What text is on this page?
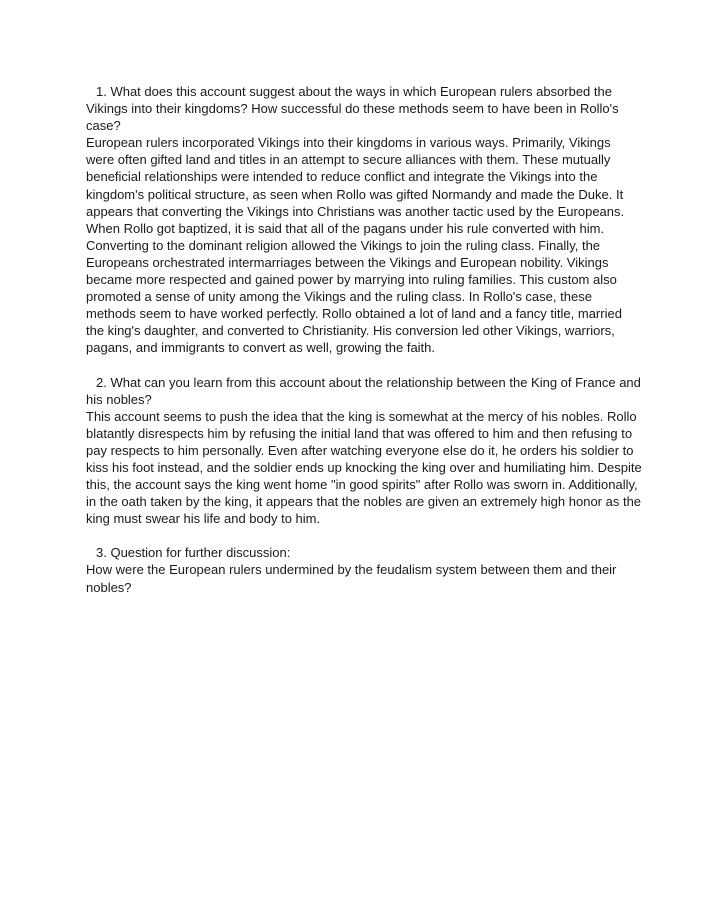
1. What does this account suggest about the ways in which European rulers absorbed the Vikings into their kingdoms? How successful do these methods seem to have been in Rollo's case?

European rulers incorporated Vikings into their kingdoms in various ways. Primarily, Vikings were often gifted land and titles in an attempt to secure alliances with them. These mutually beneficial relationships were intended to reduce conflict and integrate the Vikings into the kingdom's political structure, as seen when Rollo was gifted Normandy and made the Duke. It appears that converting the Vikings into Christians was another tactic used by the Europeans. When Rollo got baptized, it is said that all of the pagans under his rule converted with him. Converting to the dominant religion allowed the Vikings to join the ruling class. Finally, the Europeans orchestrated intermarriages between the Vikings and European nobility. Vikings became more respected and gained power by marrying into ruling families. This custom also promoted a sense of unity among the Vikings and the ruling class. In Rollo's case, these methods seem to have worked perfectly. Rollo obtained a lot of land and a fancy title, married the king's daughter, and converted to Christianity. His conversion led other Vikings, warriors, pagans, and immigrants to convert as well, growing the faith.

2. What can you learn from this account about the relationship between the King of France and his nobles?

This account seems to push the idea that the king is somewhat at the mercy of his nobles. Rollo blatantly disrespects him by refusing the initial land that was offered to him and then refusing to pay respects to him personally. Even after watching everyone else do it, he orders his soldier to kiss his foot instead, and the soldier ends up knocking the king over and humiliating him. Despite this, the account says the king went home "in good spirits" after Rollo was sworn in. Additionally, in the oath taken by the king, it appears that the nobles are given an extremely high honor as the king must swear his life and body to him.

3. Question for further discussion:

How were the European rulers undermined by the feudalism system between them and their nobles?
